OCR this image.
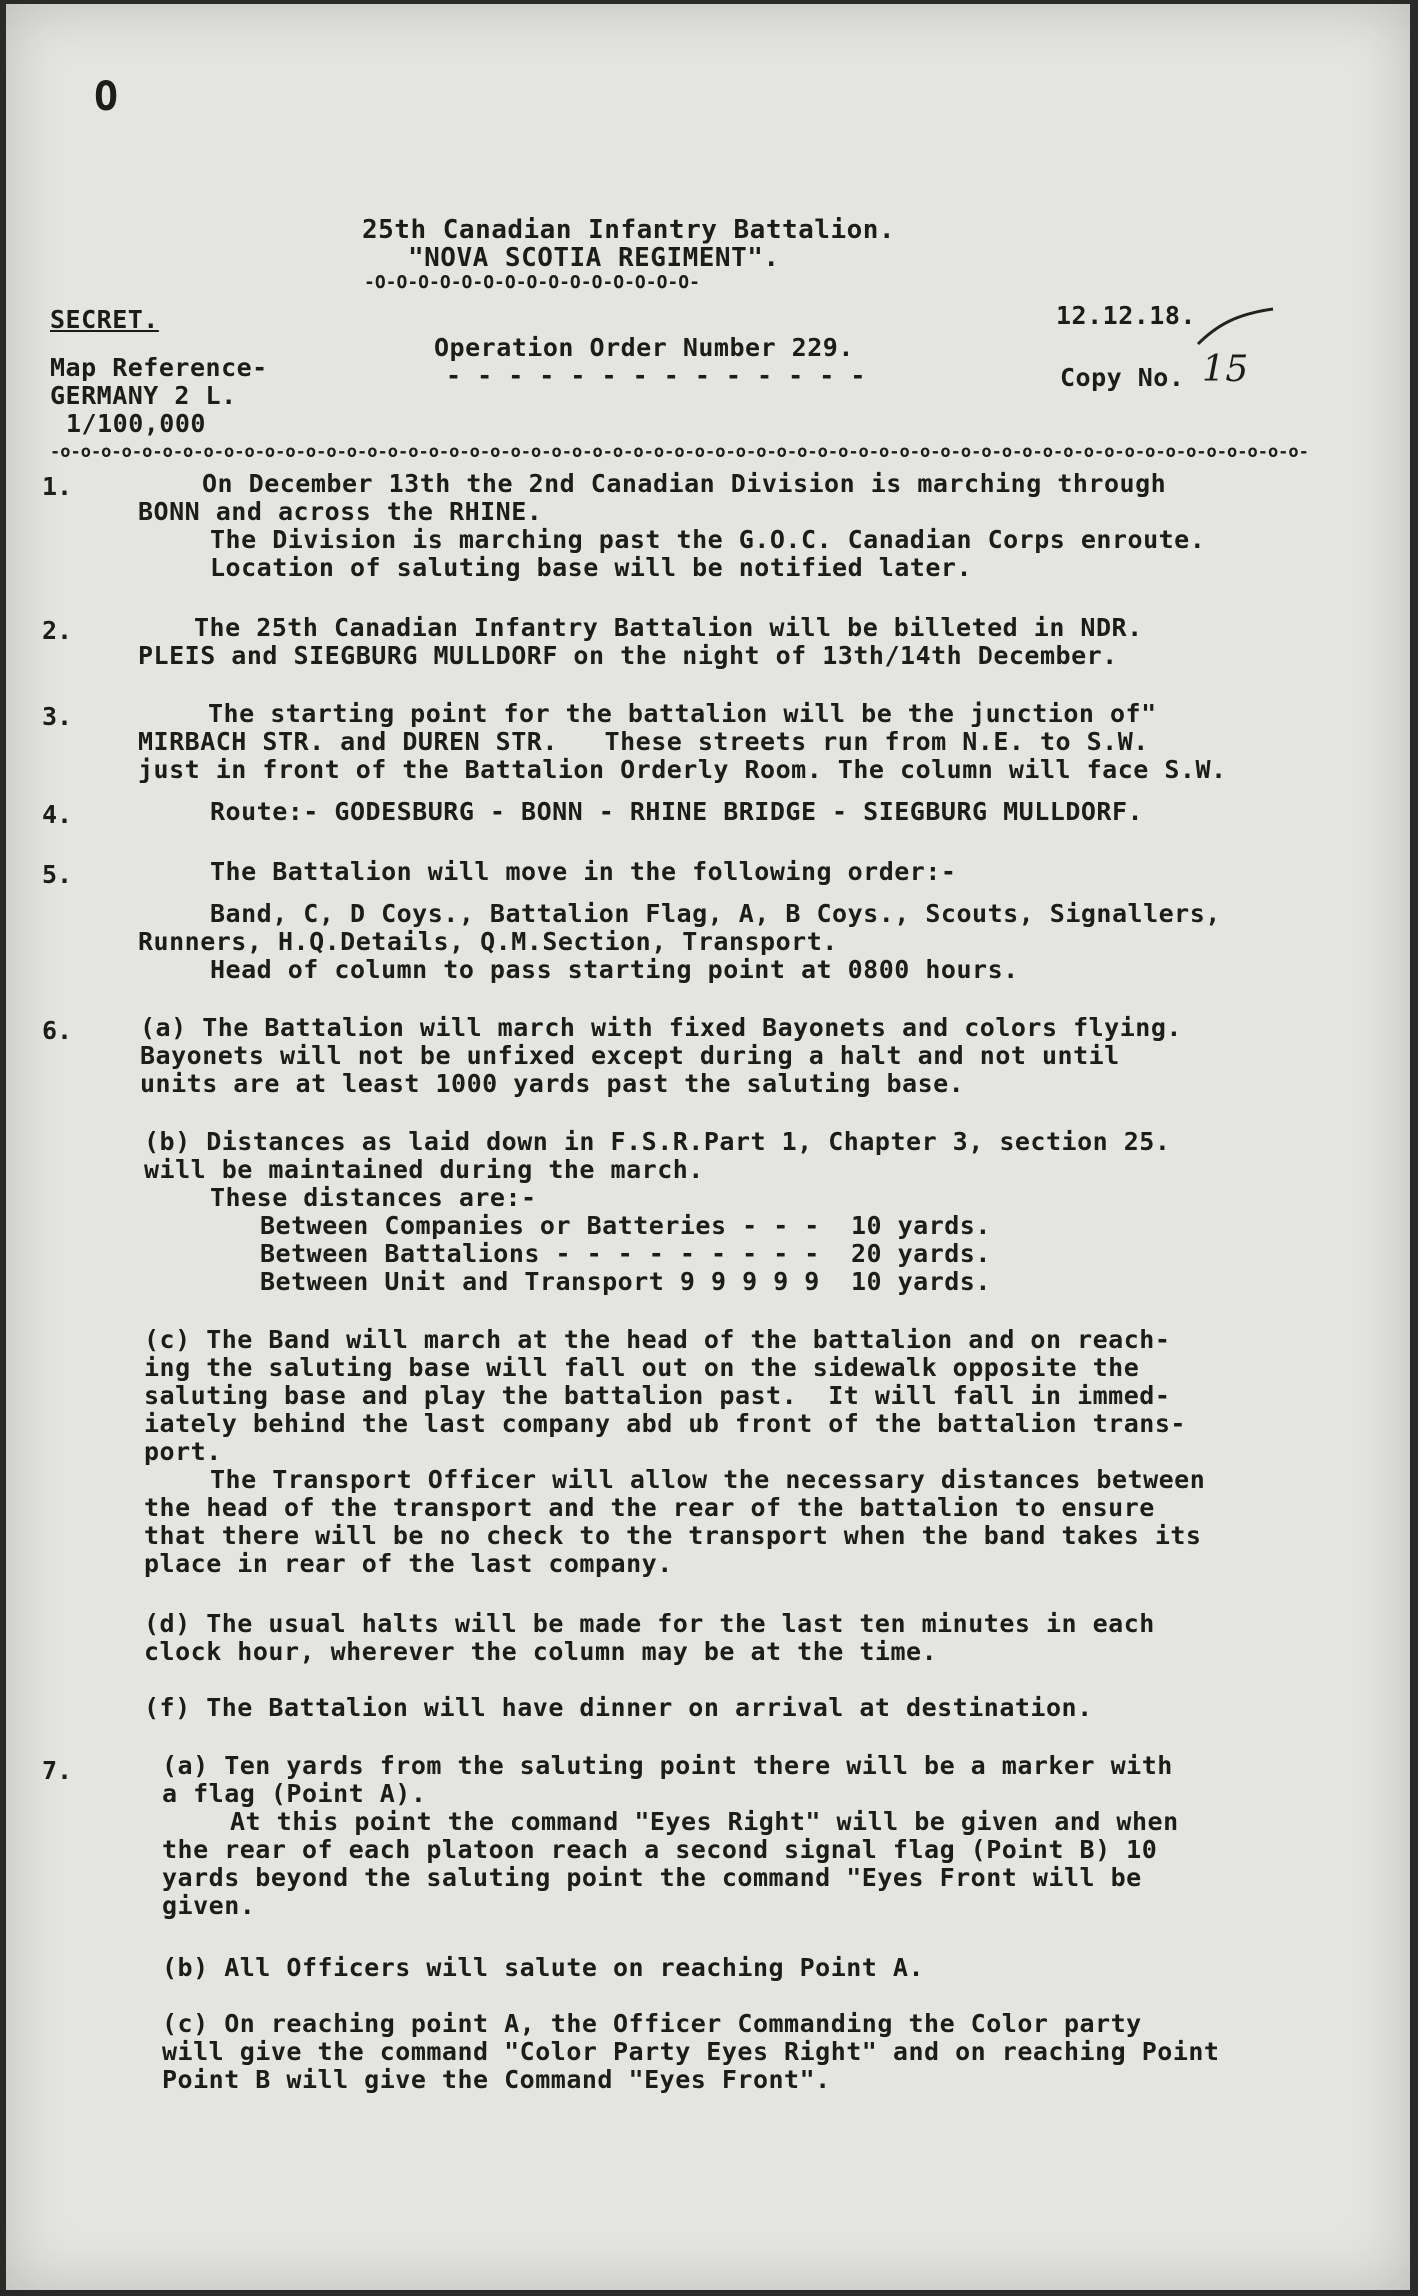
O
25th Canadian Infantry Battalion.
"NOVA SCOTIA REGIMENT".
-O-O-O-O-O-O-O-O-O-O-O-O-O-O-O-
SECRET.	12.12.18.
Operation Order Number 229.
- - - - - - - - - - - - - -	Copy No. 15
Map Reference-
GERMANY 2 L.
1/100,000
-o-o-o-o-o-o-o-o-o-o-o-o-o-o-o-o-o-o-o-o-o-o-o-o-o-o-o-o-o-o-o-o-o-o-o-o-o-o-o-o-o-o-o-o-o-o-o-o-o-o-o-o-o-o-o-o-o-o-o-o-o-
1.	On December 13th the 2nd Canadian Division is marching through
BONN and across the RHINE.
The Division is marching past the G.O.C. Canadian Corps enroute.
Location of saluting base will be notified later.
2.	The 25th Canadian Infantry Battalion will be billeted in NDR.
PLEIS and SIEGBURG MULLDORF on the night of 13th/14th December.
3.	The starting point for the battalion will be the junction of"
MIRBACH STR. and DUREN STR.   These streets run from N.E. to S.W.
just in front of the Battalion Orderly Room. The column will face S.W.
4.	Route:- GODESBURG - BONN - RHINE BRIDGE - SIEGBURG MULLDORF.
5.	The Battalion will move in the following order:-
Band, C, D Coys., Battalion Flag, A, B Coys., Scouts, Signallers,
Runners, H.Q.Details, Q.M.Section, Transport.
Head of column to pass starting point at 0800 hours.
6.	(a) The Battalion will march with fixed Bayonets and colors flying.
Bayonets will not be unfixed except during a halt and not until
units are at least 1000 yards past the saluting base.
(b) Distances as laid down in F.S.R.Part 1, Chapter 3, section 25.
will be maintained during the march.
These distances are:-
Between Companies or Batteries - - -  10 yards.
Between Battalions - - - - - - - - -  20 yards.
Between Unit and Transport 9 9 9 9 9  10 yards.
(c) The Band will march at the head of the battalion and on reach-
ing the saluting base will fall out on the sidewalk opposite the
saluting base and play the battalion past.  It will fall in immed-
iately behind the last company abd ub front of the battalion trans-
port.
The Transport Officer will allow the necessary distances between
the head of the transport and the rear of the battalion to ensure
that there will be no check to the transport when the band takes its
place in rear of the last company.
(d) The usual halts will be made for the last ten minutes in each
clock hour, wherever the column may be at the time.
(f) The Battalion will have dinner on arrival at destination.
7.	(a) Ten yards from the saluting point there will be a marker with
a flag (Point A).
At this point the command "Eyes Right" will be given and when
the rear of each platoon reach a second signal flag (Point B) 10
yards beyond the saluting point the command "Eyes Front will be
given.
(b) All Officers will salute on reaching Point A.
(c) On reaching point A, the Officer Commanding the Color party
will give the command "Color Party Eyes Right" and on reaching Point
Point B will give the Command "Eyes Front".
